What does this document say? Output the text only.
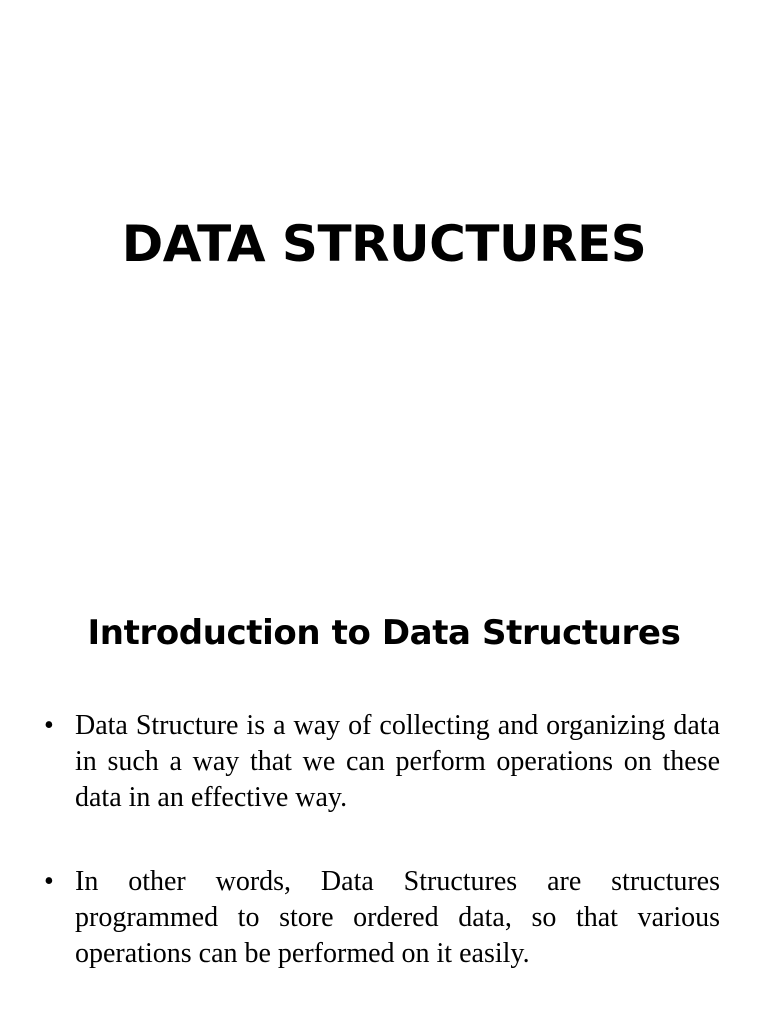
DATA STRUCTURES
Introduction to Data Structures
• Data Structure is a way of collecting and organizing data in such a way that we can perform operations on these data in an effective way.

• In other words, Data Structures are structures programmed to store ordered data, so that various operations can be performed on it easily.
